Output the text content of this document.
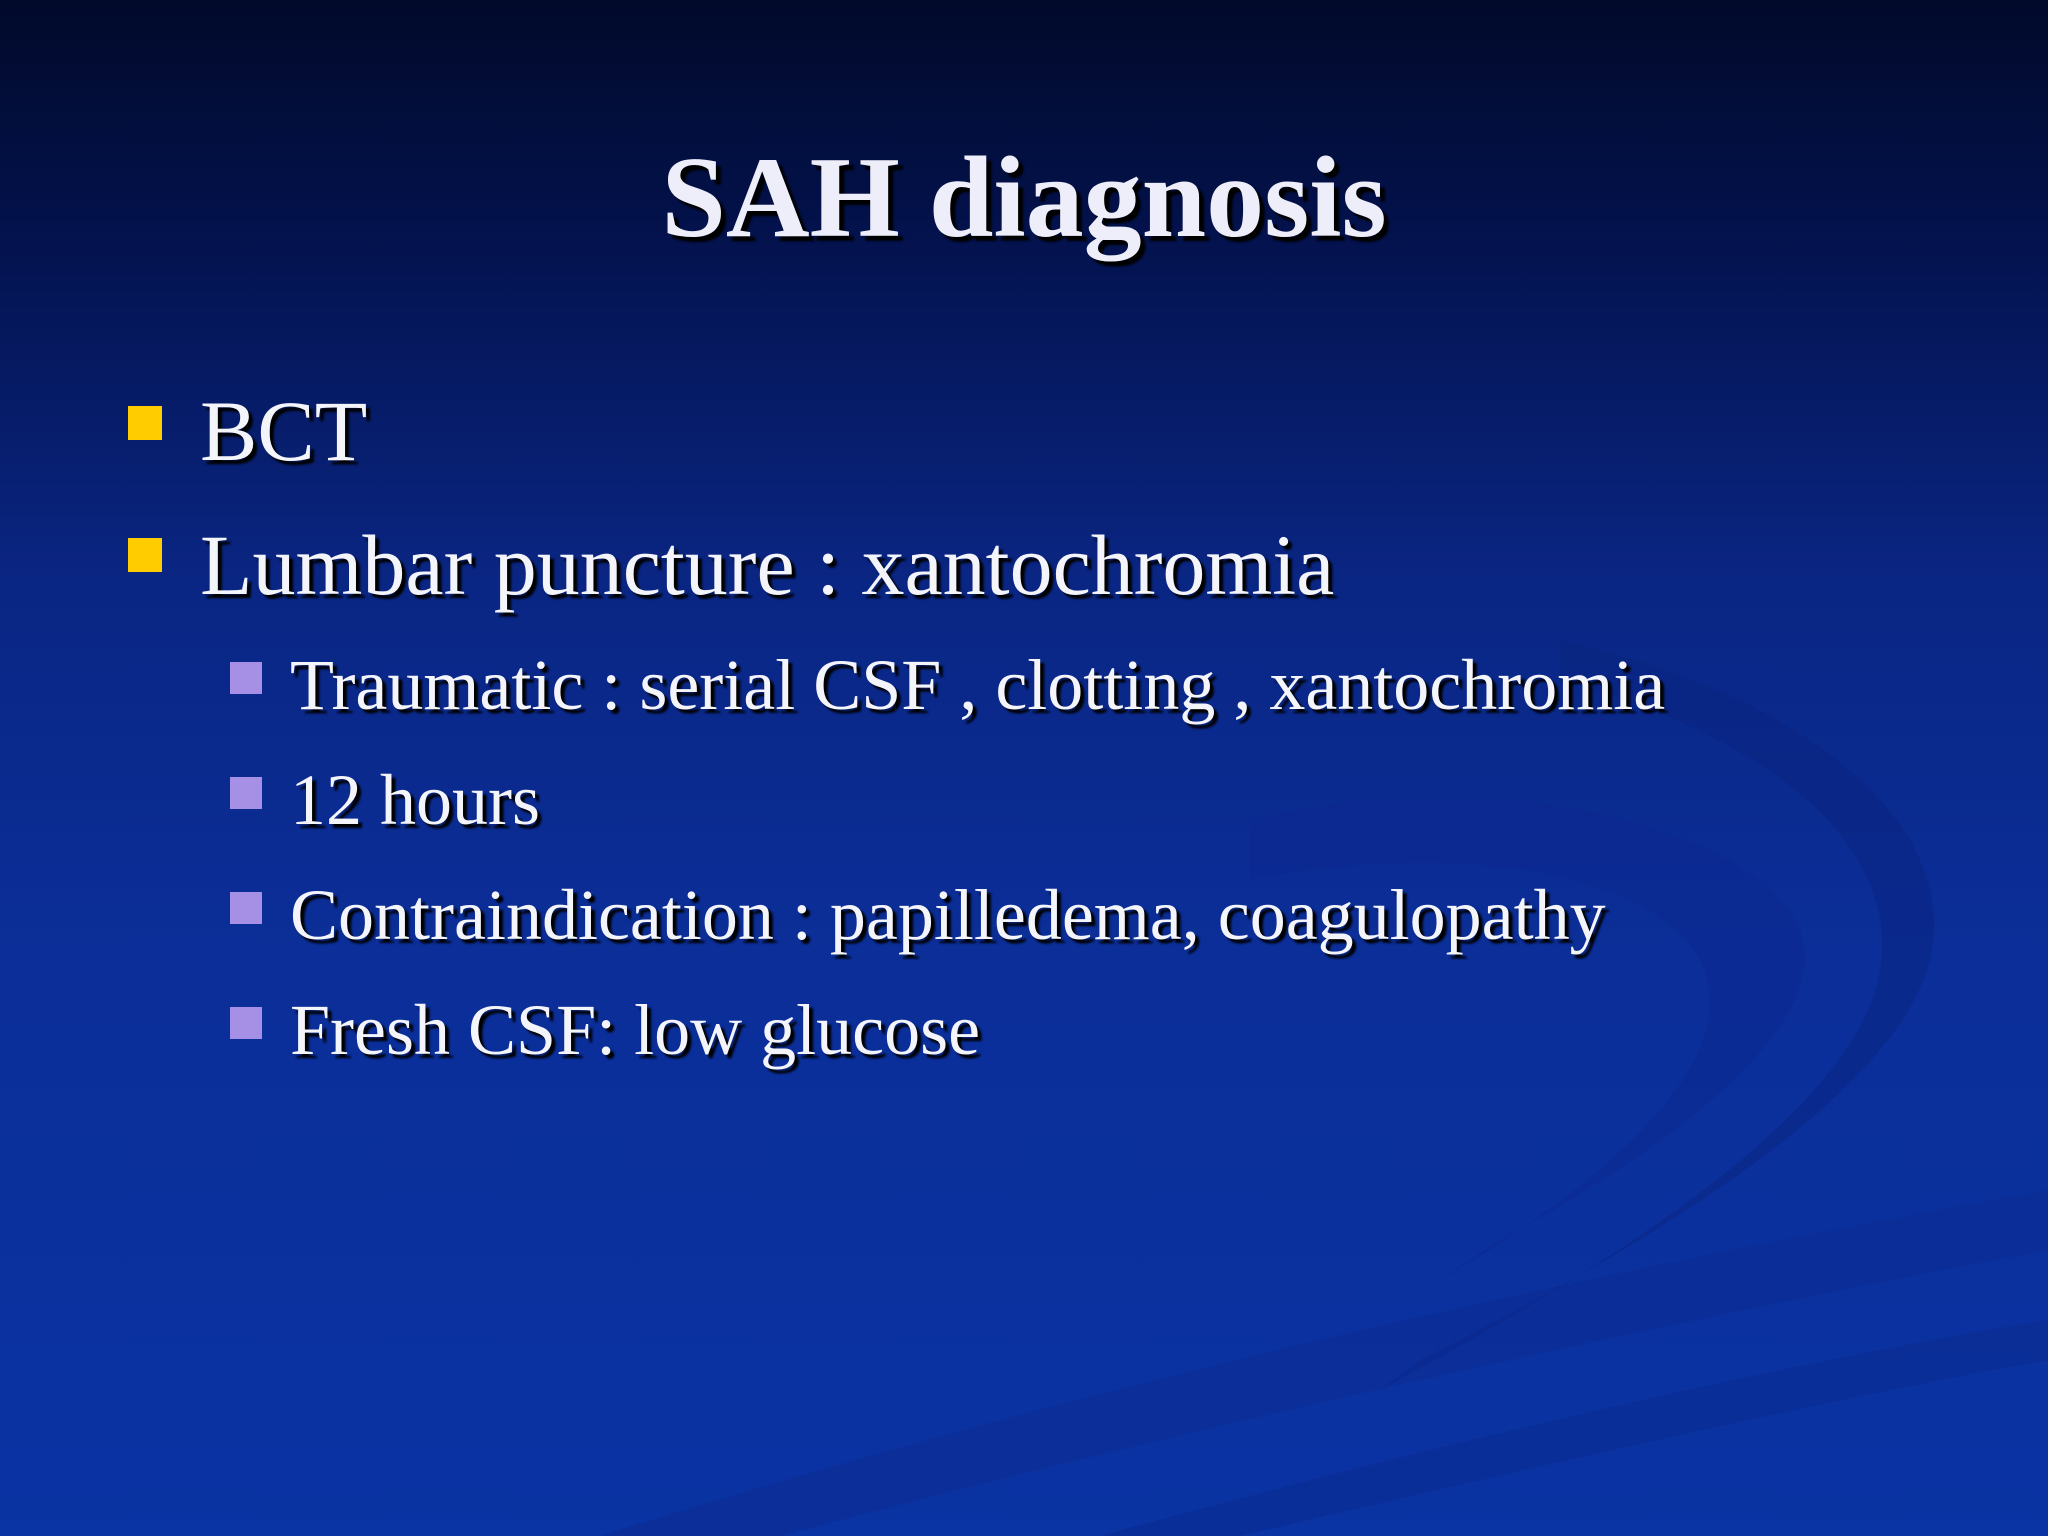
SAH diagnosis
BCT
Lumbar puncture : xantochromia
Traumatic : serial CSF , clotting , xantochromia
12 hours
Contraindication : papilledema, coagulopathy
Fresh CSF: low glucose
